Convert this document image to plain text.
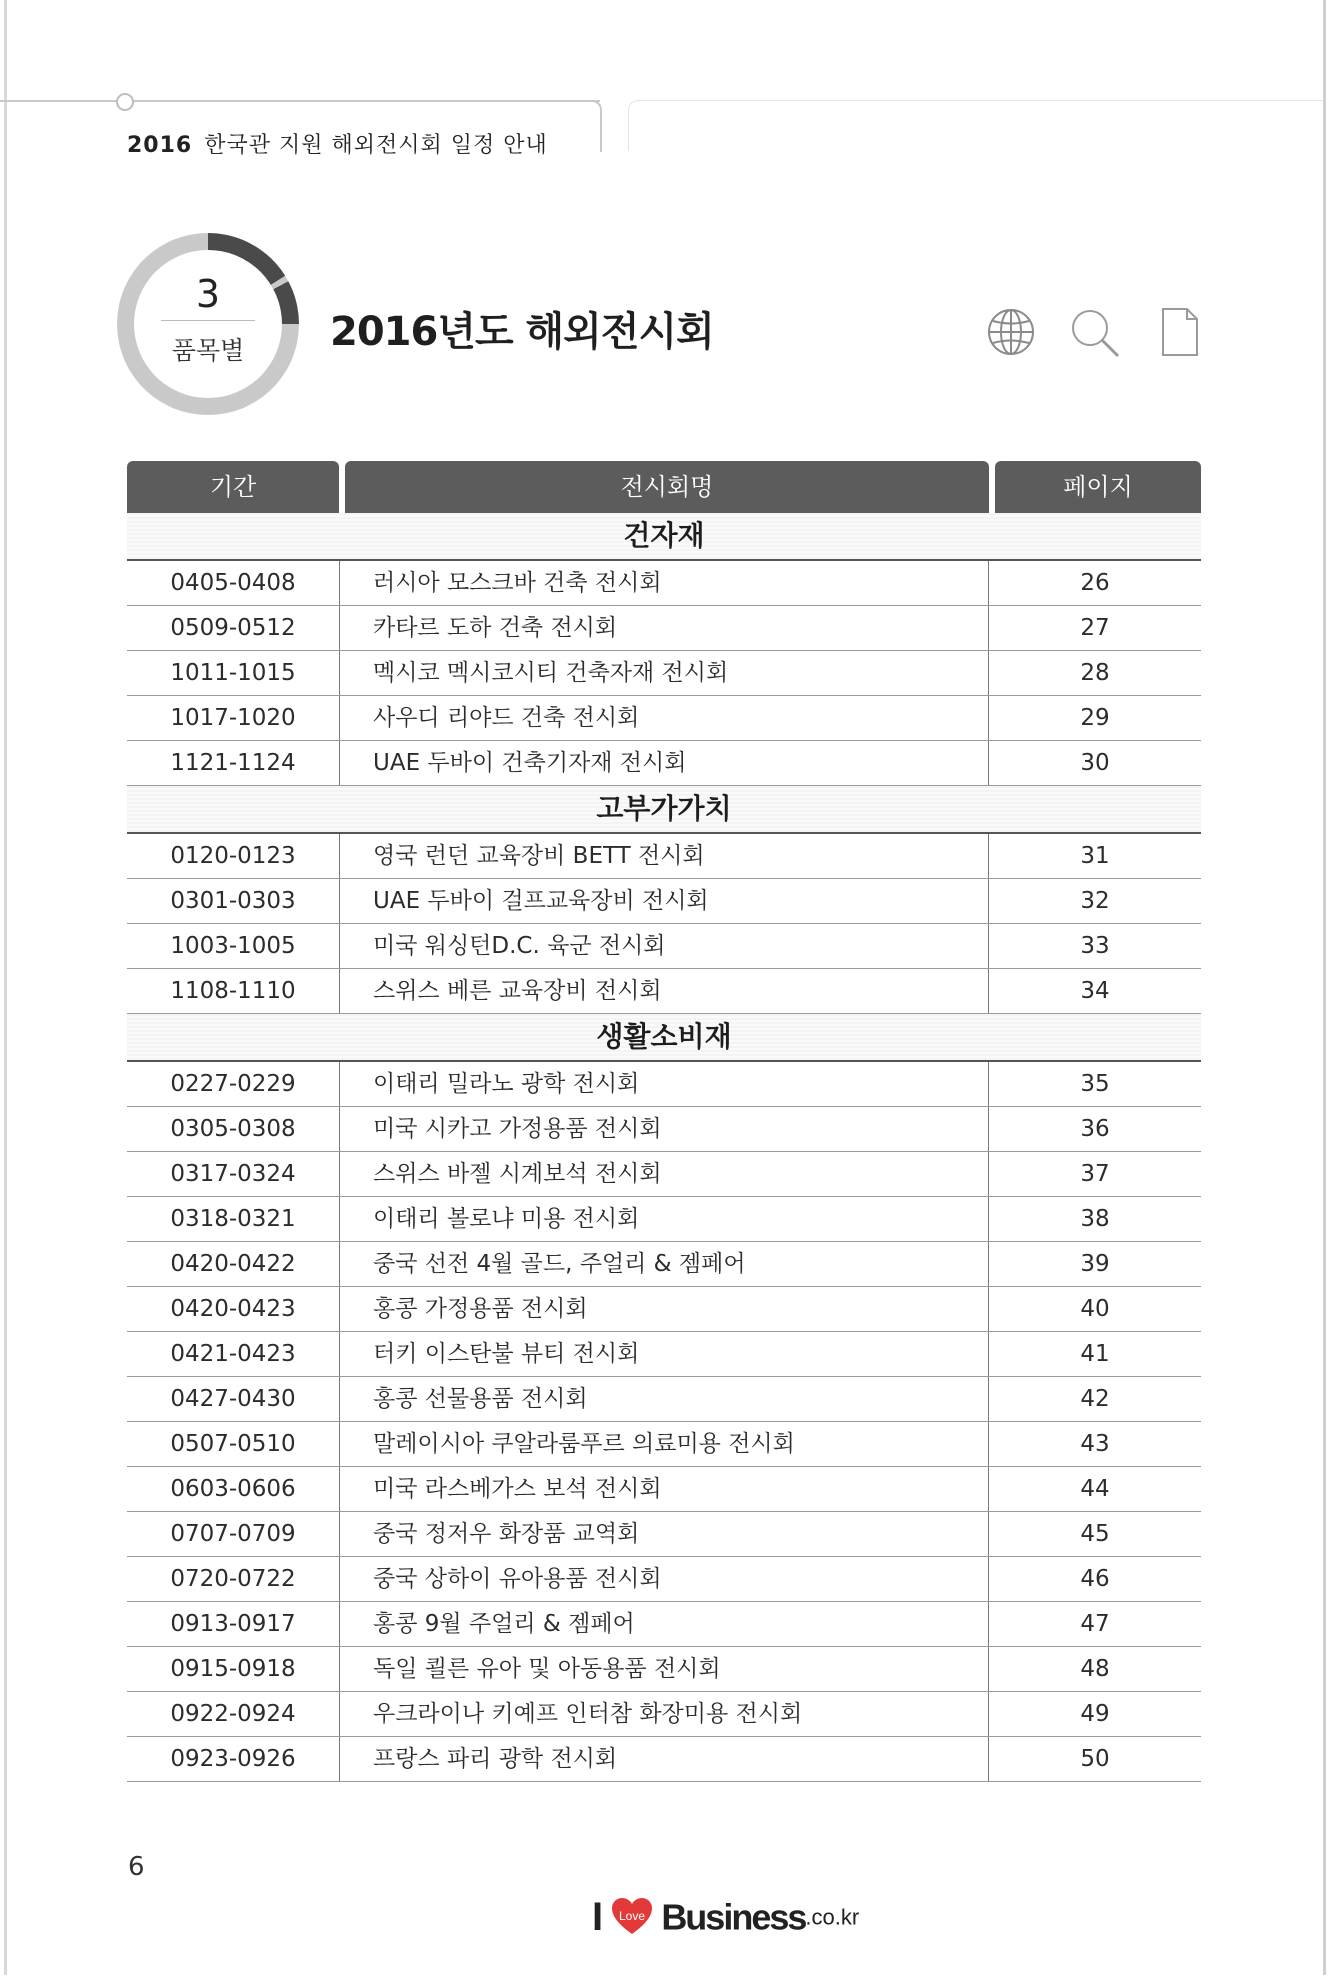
2016 한국관 지원 해외전시회 일정 안내
3
품목별	2016년도 해외전시회
기간	전시회명	페이지
건자재
0405-0408	러시아 모스크바 건축 전시회	26
0509-0512	카타르 도하 건축 전시회	27
1011-1015	멕시코 멕시코시티 건축자재 전시회	28
1017-1020	사우디 리야드 건축 전시회	29
1121-1124	UAE 두바이 건축기자재 전시회	30
고부가가치
0120-0123	영국 런던 교육장비 BETT 전시회	31
0301-0303	UAE 두바이 걸프교육장비 전시회	32
1003-1005	미국 워싱턴D.C. 육군 전시회	33
1108-1110	스위스 베른 교육장비 전시회	34
생활소비재
0227-0229	이태리 밀라노 광학 전시회	35
0305-0308	미국 시카고 가정용품 전시회	36
0317-0324	스위스 바젤 시계보석 전시회	37
0318-0321	이태리 볼로냐 미용 전시회	38
0420-0422	중국 선전 4월 골드, 주얼리 & 젬페어	39
0420-0423	홍콩 가정용품 전시회	40
0421-0423	터키 이스탄불 뷰티 전시회	41
0427-0430	홍콩 선물용품 전시회	42
0507-0510	말레이시아 쿠알라룸푸르 의료미용 전시회	43
0603-0606	미국 라스베가스 보석 전시회	44
0707-0709	중국 정저우 화장품 교역회	45
0720-0722	중국 상하이 유아용품 전시회	46
0913-0917	홍콩 9월 주얼리 & 젬페어	47
0915-0918	독일 쾰른 유아 및 아동용품 전시회	48
0922-0924	우크라이나 키예프 인터참 화장미용 전시회	49
0923-0926	프랑스 파리 광학 전시회	50
6
I Love Business.co.kr
